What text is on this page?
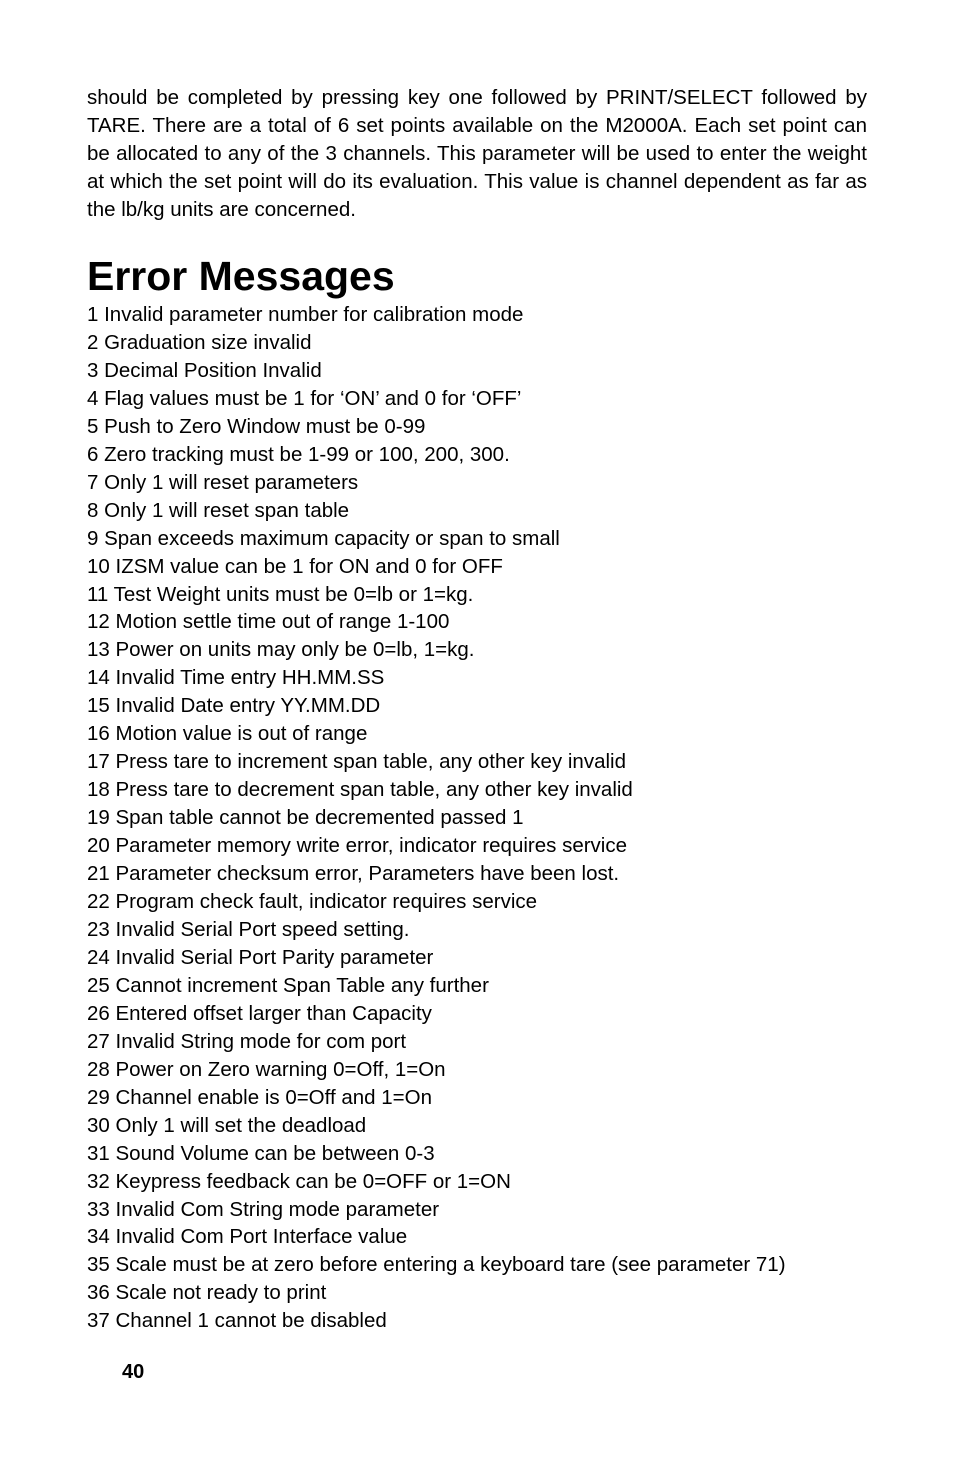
should be completed by pressing key one followed by PRINT/SELECT followed by TARE. There are a total of 6 set points available on the M2000A. Each set point can be allocated to any of the 3 channels. This parameter will be used to enter the weight at which the set point will do its evaluation. This value is channel dependent as far as the lb/kg units are concerned.

Error Messages
1 Invalid parameter number for calibration mode
2 Graduation size invalid
3 Decimal Position Invalid
4 Flag values must be 1 for ‘ON’ and 0 for ‘OFF’
5 Push to Zero Window must be 0-99
6 Zero tracking must be 1-99 or 100, 200, 300.
7 Only 1 will reset parameters
8 Only 1 will reset span table
9 Span exceeds maximum capacity or span to small
10 IZSM value can be 1 for ON and 0 for OFF
11 Test Weight units must be 0=lb or 1=kg.
12 Motion settle time out of range 1-100
13 Power on units may only be 0=lb, 1=kg.
14 Invalid Time entry HH.MM.SS
15 Invalid Date entry YY.MM.DD
16 Motion value is out of range
17 Press tare to increment span table, any other key invalid
18 Press tare to decrement span table, any other key invalid
19 Span table cannot be decremented passed 1
20 Parameter memory write error, indicator requires service
21 Parameter checksum error, Parameters have been lost.
22 Program check fault, indicator requires service
23 Invalid Serial Port speed setting.
24 Invalid Serial Port Parity parameter
25 Cannot increment Span Table any further
26 Entered offset larger than Capacity
27 Invalid String mode for com port
28 Power on Zero warning 0=Off, 1=On
29 Channel enable is 0=Off and 1=On
30 Only 1 will set the deadload
31 Sound Volume can be between 0-3
32 Keypress feedback can be 0=OFF or 1=ON
33 Invalid Com String mode parameter
34 Invalid Com Port Interface value
35 Scale must be at zero before entering a keyboard tare (see parameter 71)
36 Scale not ready to print
37 Channel 1 cannot be disabled
40
